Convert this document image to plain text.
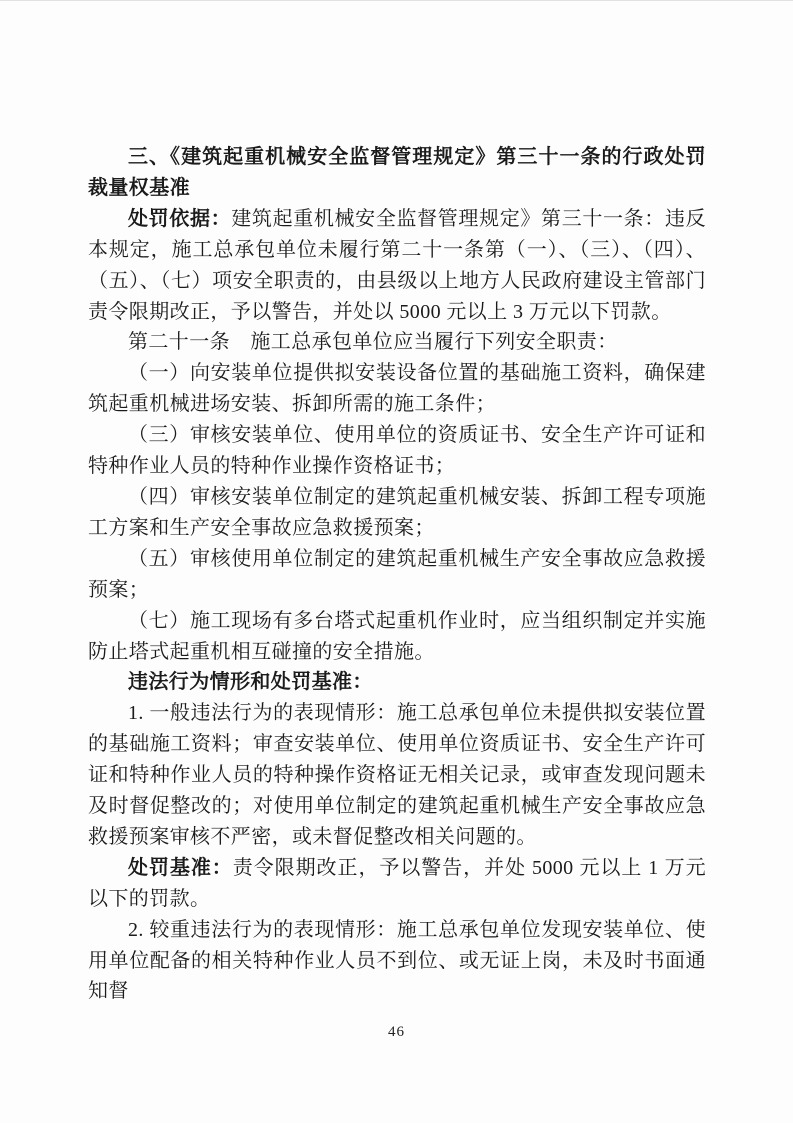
三、《建筑起重机械安全监督管理规定》第三十一条的行政处罚裁量权基准

处罚依据：建筑起重机械安全监督管理规定》第三十一条：违反本规定，施工总承包单位未履行第二十一条第（一）、（三）、（四）、（五）、（七）项安全职责的，由县级以上地方人民政府建设主管部门责令限期改正，予以警告，并处以 5000 元以上 3 万元以下罚款。

第二十一条　施工总承包单位应当履行下列安全职责：

（一）向安装单位提供拟安装设备位置的基础施工资料，确保建筑起重机械进场安装、拆卸所需的施工条件；

（三）审核安装单位、使用单位的资质证书、安全生产许可证和特种作业人员的特种作业操作资格证书；

（四）审核安装单位制定的建筑起重机械安装、拆卸工程专项施工方案和生产安全事故应急救援预案；

（五）审核使用单位制定的建筑起重机械生产安全事故应急救援预案；

（七）施工现场有多台塔式起重机作业时，应当组织制定并实施防止塔式起重机相互碰撞的安全措施。

违法行为情形和处罚基准：

1. 一般违法行为的表现情形：施工总承包单位未提供拟安装位置的基础施工资料；审查安装单位、使用单位资质证书、安全生产许可证和特种作业人员的特种操作资格证无相关记录，或审查发现问题未及时督促整改的；对使用单位制定的建筑起重机械生产安全事故应急救援预案审核不严密，或未督促整改相关问题的。

处罚基准：责令限期改正，予以警告，并处 5000 元以上 1 万元以下的罚款。

2. 较重违法行为的表现情形：施工总承包单位发现安装单位、使用单位配备的相关特种作业人员不到位、或无证上岗，未及时书面通知督

46
